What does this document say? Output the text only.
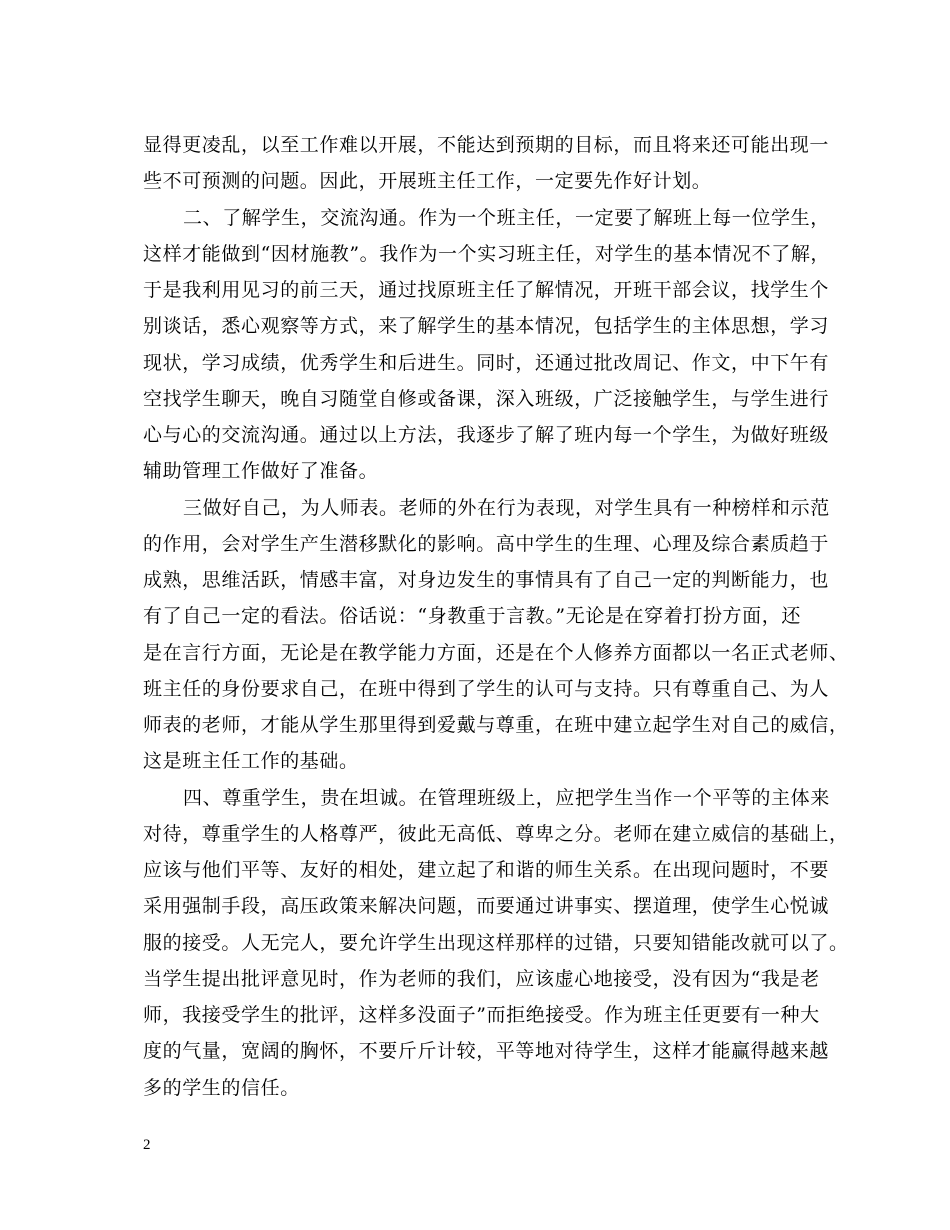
显得更凌乱，以至工作难以开展，不能达到预期的目标，而且将来还可能出现一
些不可预测的问题。因此，开展班主任工作，一定要先作好计划。
二、了解学生，交流沟通。作为一个班主任，一定要了解班上每一位学生，
这样才能做到“因材施教”。我作为一个实习班主任，对学生的基本情况不了解，
于是我利用见习的前三天，通过找原班主任了解情况，开班干部会议，找学生个
别谈话，悉心观察等方式，来了解学生的基本情况，包括学生的主体思想，学习
现状，学习成绩，优秀学生和后进生。同时，还通过批改周记、作文，中下午有
空找学生聊天，晚自习随堂自修或备课，深入班级，广泛接触学生，与学生进行
心与心的交流沟通。通过以上方法，我逐步了解了班内每一个学生，为做好班级
辅助管理工作做好了准备。
三做好自己，为人师表。老师的外在行为表现，对学生具有一种榜样和示范
的作用，会对学生产生潜移默化的影响。高中学生的生理、心理及综合素质趋于
成熟，思维活跃，情感丰富，对身边发生的事情具有了自己一定的判断能力，也
有了自己一定的看法。俗话说：“身教重于言教。”无论是在穿着打扮方面，还
是在言行方面，无论是在教学能力方面，还是在个人修养方面都以一名正式老师、
班主任的身份要求自己，在班中得到了学生的认可与支持。只有尊重自己、为人
师表的老师，才能从学生那里得到爱戴与尊重，在班中建立起学生对自己的威信，
这是班主任工作的基础。
四、尊重学生，贵在坦诚。在管理班级上，应把学生当作一个平等的主体来
对待，尊重学生的人格尊严，彼此无高低、尊卑之分。老师在建立威信的基础上，
应该与他们平等、友好的相处，建立起了和谐的师生关系。在出现问题时，不要
采用强制手段，高压政策来解决问题，而要通过讲事实、摆道理，使学生心悦诚
服的接受。人无完人，要允许学生出现这样那样的过错，只要知错能改就可以了。
当学生提出批评意见时，作为老师的我们，应该虚心地接受，没有因为“我是老
师，我接受学生的批评，这样多没面子”而拒绝接受。作为班主任更要有一种大
度的气量，宽阔的胸怀，不要斤斤计较，平等地对待学生，这样才能赢得越来越
多的学生的信任。
2
